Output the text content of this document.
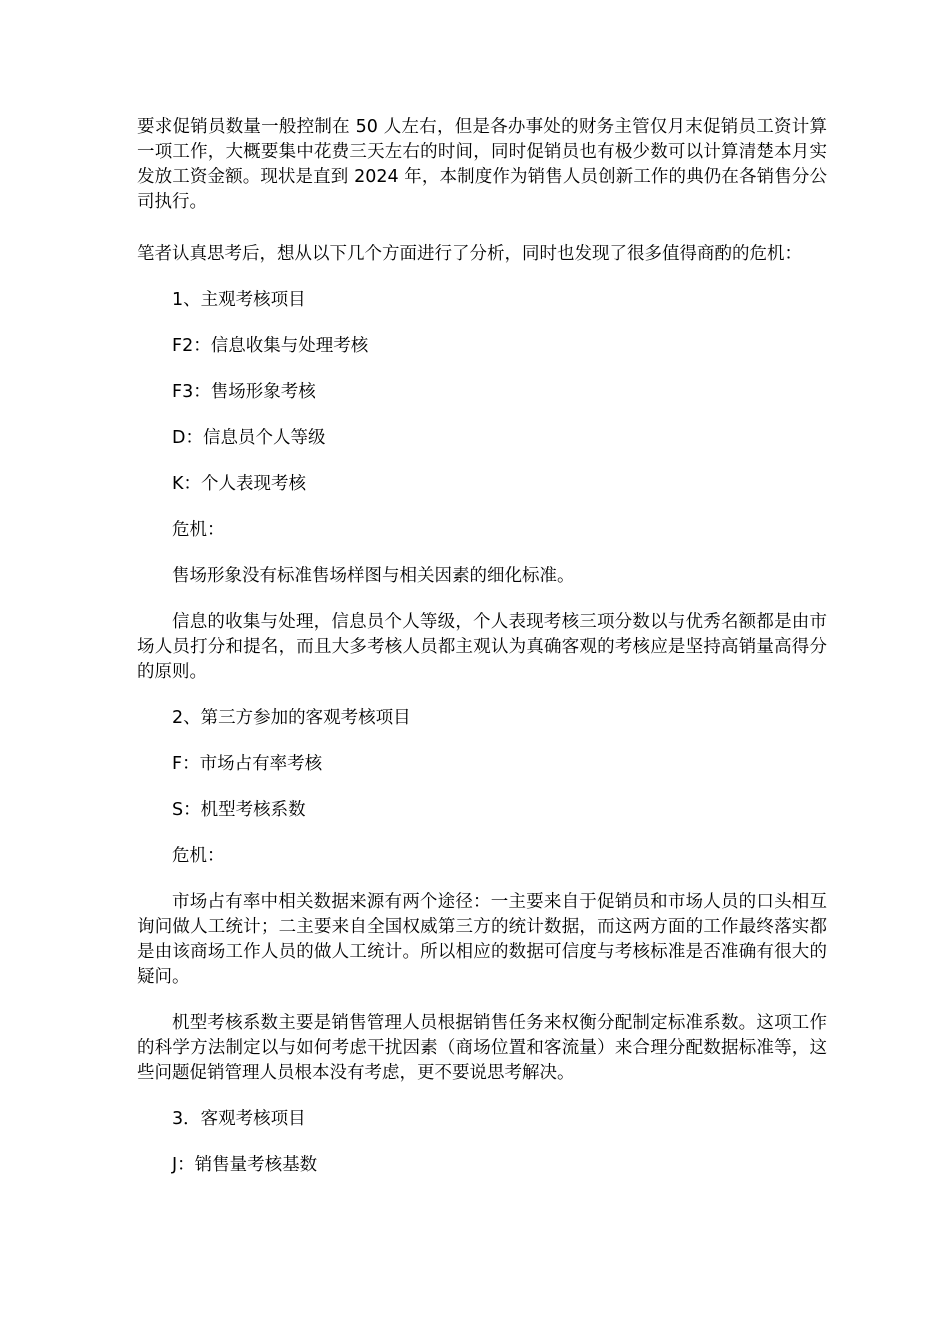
要求促销员数量一般控制在 50 人左右，但是各办事处的财务主管仅月末促销员工资计算一项工作，大概要集中花费三天左右的时间，同时促销员也有极少数可以计算清楚本月实发放工资金额。现状是直到 2024 年，本制度作为销售人员创新工作的典仍在各销售分公司执行。

笔者认真思考后，想从以下几个方面进行了分析，同时也发现了很多值得商酌的危机：

1、主观考核项目

F2：信息收集与处理考核

F3：售场形象考核

D：信息员个人等级

K：个人表现考核

危机：

售场形象没有标准售场样图与相关因素的细化标准。

信息的收集与处理，信息员个人等级，个人表现考核三项分数以与优秀名额都是由市场人员打分和提名，而且大多考核人员都主观认为真确客观的考核应是坚持高销量高得分的原则。

2、第三方参加的客观考核项目

F：市场占有率考核

S：机型考核系数

危机：

市场占有率中相关数据来源有两个途径：一主要来自于促销员和市场人员的口头相互询问做人工统计；二主要来自全国权威第三方的统计数据，而这两方面的工作最终落实都是由该商场工作人员的做人工统计。所以相应的数据可信度与考核标准是否准确有很大的疑问。

机型考核系数主要是销售管理人员根据销售任务来权衡分配制定标准系数。这项工作的科学方法制定以与如何考虑干扰因素（商场位置和客流量）来合理分配数据标准等，这些问题促销管理人员根本没有考虑，更不要说思考解决。

3．客观考核项目

J：销售量考核基数
